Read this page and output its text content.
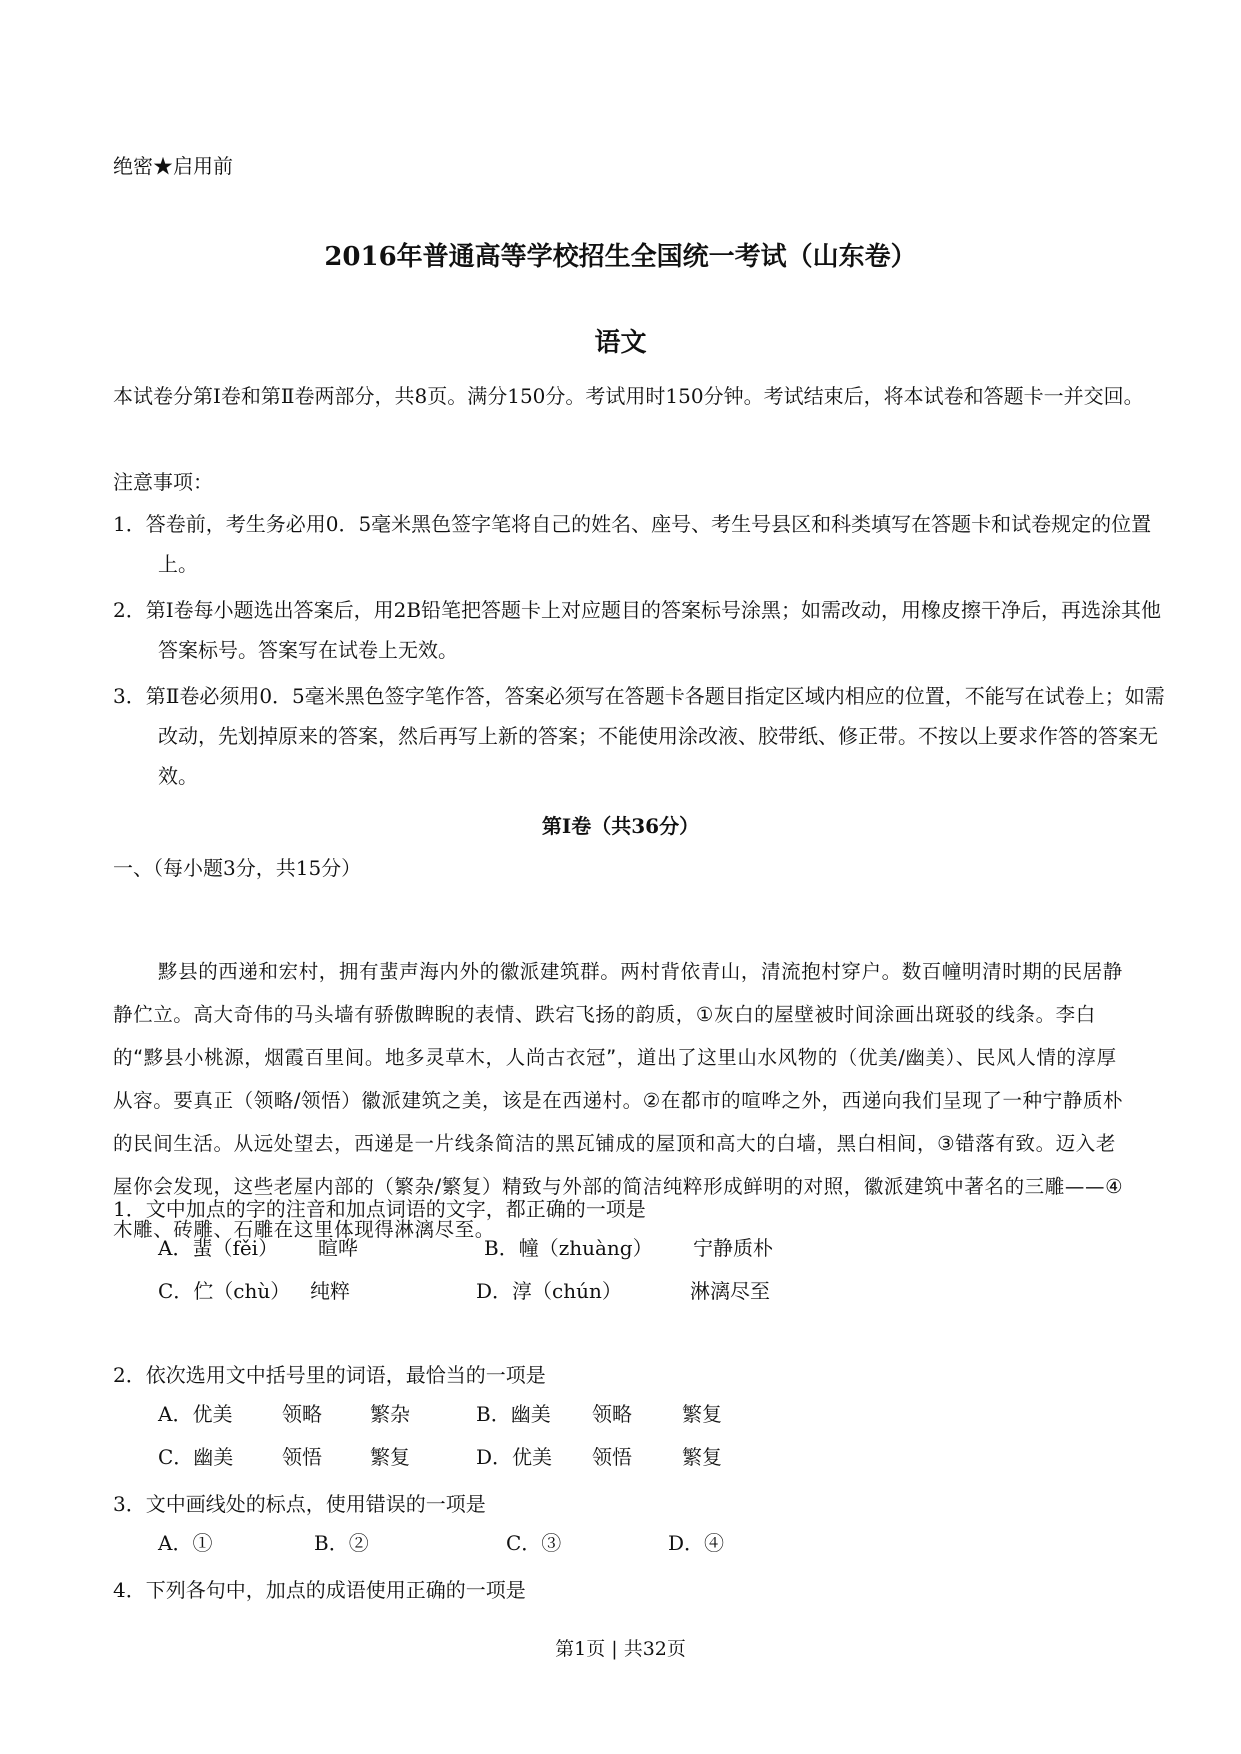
绝密★启用前
2016年普通高等学校招生全国统一考试（山东卷）
语文
本试卷分第Ⅰ卷和第Ⅱ卷两部分，共8页。满分150分。考试用时150分钟。考试结束后，将本试卷和答题卡一并交回。
注意事项：
1．答卷前，考生务必用0．5毫米黑色签字笔将自己的姓名、座号、考生号县区和科类填写在答题卡和试卷规定的位置上。
2．第Ⅰ卷每小题选出答案后，用2B铅笔把答题卡上对应题目的答案标号涂黑；如需改动，用橡皮擦干净后，再选涂其他答案标号。答案写在试卷上无效。
3．第Ⅱ卷必须用0．5毫米黑色签字笔作答，答案必须写在答题卡各题目指定区域内相应的位置，不能写在试卷上；如需改动，先划掉原来的答案，然后再写上新的答案；不能使用涂改液、胶带纸、修正带。不按以上要求作答的答案无效。
第Ⅰ卷（共36分）
一、（每小题3分，共15分）
黟县的西递和宏村，拥有蜚声海内外的徽派建筑群。两村背依青山，清流抱村穿户。数百幢明清时期的民居静静伫立。高大奇伟的马头墙有骄傲睥睨的表情、跌宕飞扬的韵质，①灰白的屋壁被时间涂画出斑驳的线条。李白的“黟县小桃源，烟霞百里间。地多灵草木，人尚古衣冠”，道出了这里山水风物的（优美/幽美）、民风人情的淳厚从容。要真正（领略/领悟）徽派建筑之美，该是在西递村。②在都市的喧哗之外，西递向我们呈现了一种宁静质朴的民间生活。从远处望去，西递是一片线条简洁的黑瓦铺成的屋顶和高大的白墙，黑白相间，③错落有致。迈入老屋你会发现，这些老屋内部的（繁杂/繁复）精致与外部的简洁纯粹形成鲜明的对照，徽派建筑中著名的三雕——④木雕、砖雕、石雕在这里体现得淋漓尽至。
1．文中加点的字的注音和加点词语的文字，都正确的一项是
A．蜚（fěi） 暄哗	B．幢（zhuàng） 宁静质朴
C．伫（chù） 纯粹	D．淳（chún）	淋漓尽至
2．依次选用文中括号里的词语，最恰当的一项是
A．优美 领略 繁杂	B．幽美 领略	繁复
C．幽美 领悟 繁复	D．优美 领悟	繁复
3．文中画线处的标点，使用错误的一项是
A．①	B．②	C．③	D．④
4．下列各句中，加点的成语使用正确的一项是
第1页 | 共32页
